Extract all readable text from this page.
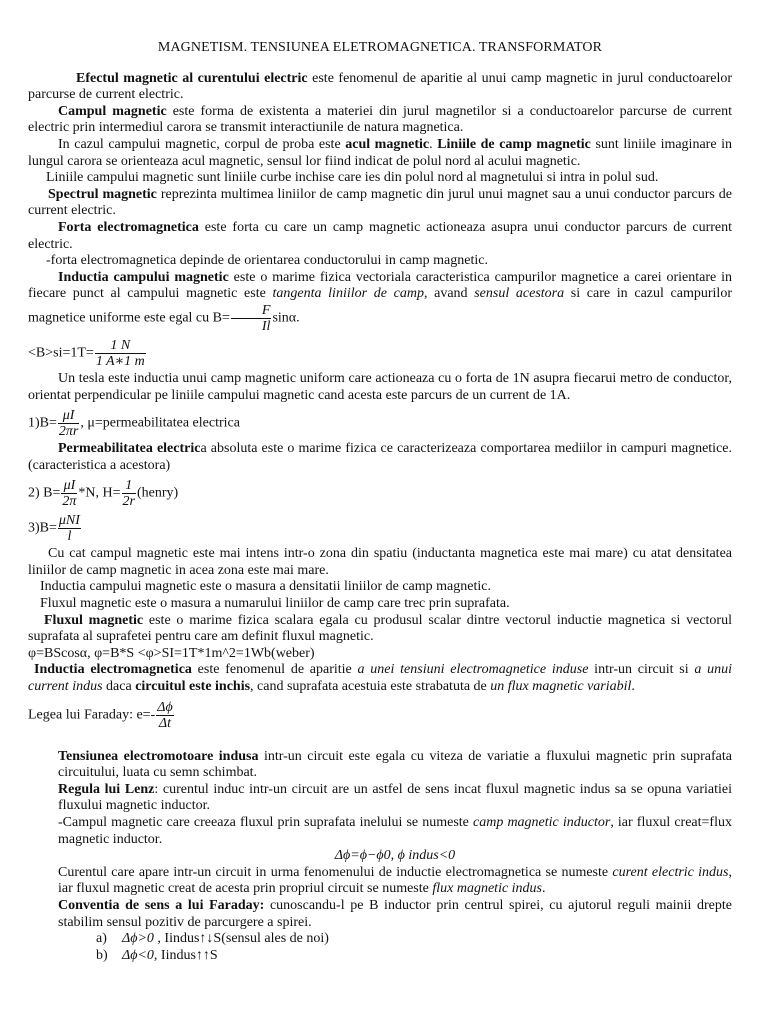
MAGNETISM. TENSIUNEA ELETROMAGNETICA. TRANSFORMATOR

Efectul magnetic al curentului electric este fenomenul de aparitie al unui camp magnetic in jurul conductoarelor parcurse de current electric.

Campul magnetic este forma de existenta a materiei din jurul magnetilor si a conductoarelor parcurse de current electric prin intermediul carora se transmit interactiunile de natura magnetica.

In cazul campului magnetic, corpul de proba este acul magnetic. Liniile de camp magnetic sunt liniile imaginare in lungul carora se orienteaza acul magnetic, sensul lor fiind indicat de polul nord al acului magnetic.

Liniile campului magnetic sunt liniile curbe inchise care ies din polul nord al magnetului si intra in polul sud.

Spectrul magnetic reprezinta multimea liniilor de camp magnetic din jurul unui magnet sau a unui conductor parcurs de current electric.

Forta electromagnetica este forta cu care un camp magnetic actioneaza asupra unui conductor parcurs de current electric.

-forta electromagnetica depinde de orientarea conductorului in camp magnetic.

Inductia campului magnetic este o marime fizica vectoriala caracteristica campurilor magnetice a carei orientare in fiecare punct al campului magnetic este tangenta liniilor de camp, avand sensul acestora si care in cazul campurilor magnetice uniforme este egal cu $B= \frac{F}{Il} \sin\alpha$.

$<B>si=1T= \frac{1 N}{1 A∗1 m}$

Un tesla este inductia unui camp magnetic uniform care actioneaza cu o forta de 1N asupra fiecarui metro de conductor, orientat perpendicular pe liniile campului magnetic cand acesta este parcurs de un current de 1A.

$1)B= \frac{\mu I}{2\pi r}$ , μ=permeabilitatea electrica

Permeabilitatea electrica absoluta este o marime fizica ce caracterizeaza comportarea mediilor in campuri magnetice.(caracteristica a acestora)

2) $B= \frac{\mu I}{2\pi} *N$, $H= \frac{1}{2r}$ (henry)

$3)B= \frac{\text{μNI}}{l}$

Cu cat campul magnetic este mai intens intr-o zona din spatiu (inductanta magnetica este mai mare) cu atat densitatea liniilor de camp magnetic in acea zona este mai mare.

Inductia campului magnetic este o masura a densitatii liniilor de camp magnetic.

Fluxul magnetic este o masura a numarului liniilor de camp care trec prin suprafata.

Fluxul magnetic este o marime fizica scalara egala cu produsul scalar dintre vectorul inductie magnetica si vectorul suprafata al suprafetei pentru care am definit fluxul magnetic.

φ=BScosα, φ=B*S <φ>SI=1T*1m^2=1Wb(weber)

Inductia electromagnetica este fenomenul de aparitie a unei tensiuni electromagnetice induse intr-un circuit si a unui current indus daca circuitul este inchis, cand suprafata acestuia este strabatuta de un flux magnetic variabil.

Legea lui Faraday: $e=- \frac{\Delta\phi}{\Delta t}$

Tensiunea electromotoare indusa intr-un circuit este egala cu viteza de variatie a fluxului magnetic prin suprafata circuitului, luata cu semn schimbat.

Regula lui Lenz: curentul induc intr-un circuit are un astfel de sens incat fluxul magnetic indus sa se opuna variatiei fluxului magnetic inductor.

-Campul magnetic care creeaza fluxul prin suprafata inelului se numeste camp magnetic inductor, iar fluxul creat=flux magnetic inductor.

Δϕ=ϕ−ϕ0, ϕ indus<0

Curentul care apare intr-un circuit in urma fenomenului de inductie electromagnetica se numeste curent electric indus, iar fluxul magnetic creat de acesta prin propriul circuit se numeste flux magnetic indus.

Conventia de sens a lui Faraday: cunoscandu-l pe B inductor prin centrul spirei, cu ajutorul reguli mainii drepte stabilim sensul pozitiv de parcurgere a spirei.

a) Δϕ>0 , Iindus↑↓S(sensul ales de noi)
b) Δϕ<0, Iindus↑↑S
